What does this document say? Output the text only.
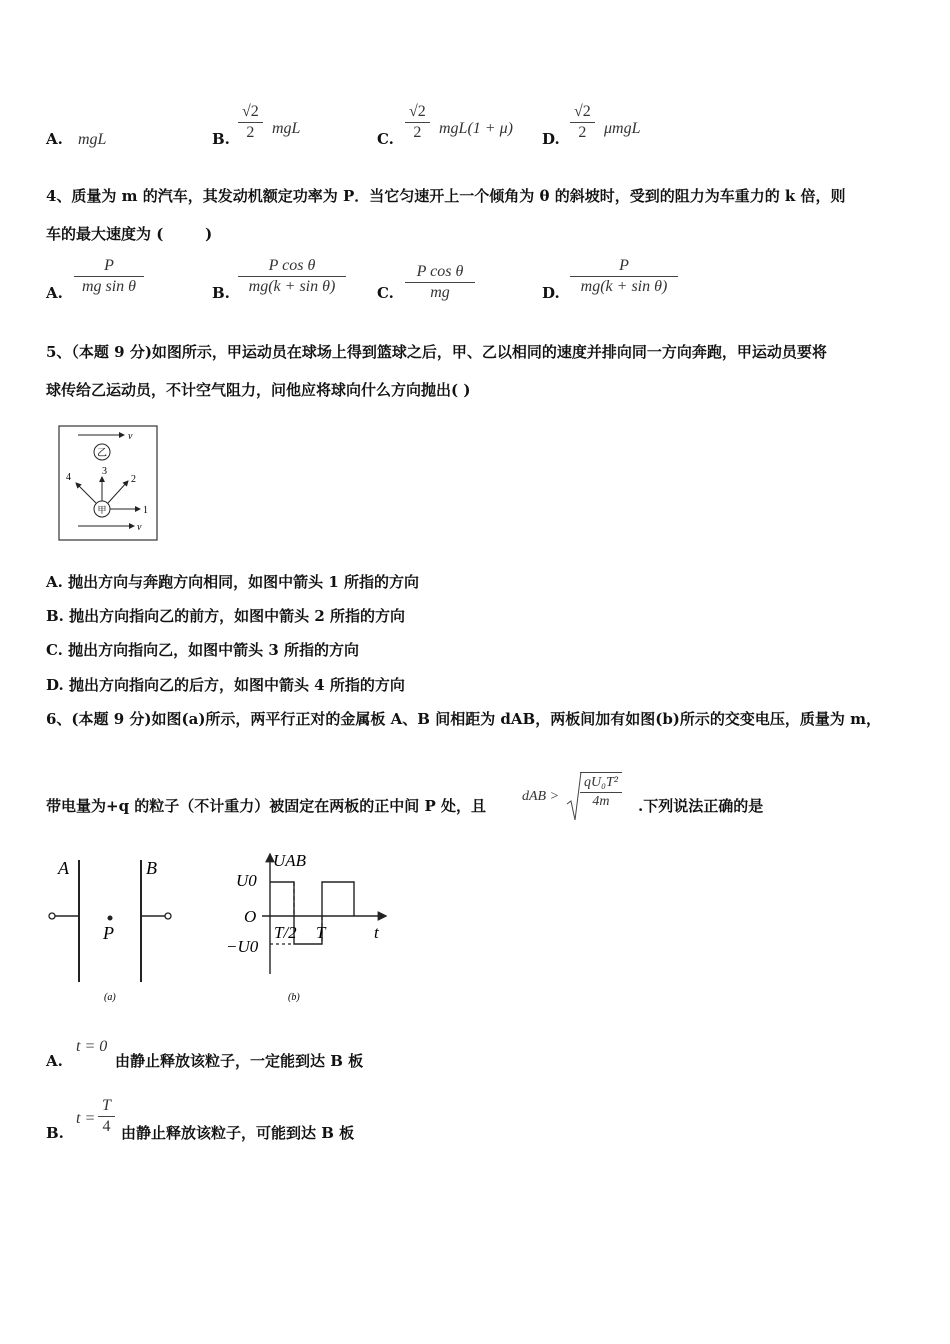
A. mgL	B. $\frac{√2}{2}$ mgL
C. $\frac{√2}{2} mgL(1 + \mu)$
D. $\frac{√2}{2}$ μmgL
4、质量为 m 的汽车，其发动机额定功率为 P．当它匀速开上一个倾角为 θ 的斜坡时，受到的阻力为车重力的 k 倍，则
车的最大速度为 (        )
A. $\frac{P}{\text{mg sin θ}}$	B. $\frac{\text{P cos θ}}{\text{mg(k + sin θ)}} C$. $\frac{\text{P cos θ}}{mg}$	D. $\frac{P}{\text{mg(k + sin θ)}}$
5、（本题 9 分)如图所示，甲运动员在球场上得到篮球之后，甲、乙以相同的速度并排向同一方向奔跑，甲运动员要将
球传给乙运动员，不计空气阻力，问他应将球向什么方向抛出( )
v
乙
甲	1
2
3
4
v
A. 抛出方向与奔跑方向相同，如图中箭头 1 所指的方向
B. 抛出方向指向乙的前方，如图中箭头 2 所指的方向
C. 抛出方向指向乙，如图中箭头 3 所指的方向
D. 抛出方向指向乙的后方，如图中箭头 4 所指的方向
6、(本题 9 分)如图(a)所示，两平行正对的金属板 A、B 间相距为 dAB，两板间加有如图(b)所示的交变电压，质量为 m，
带电量为+q 的粒子（不计重力）被固定在两板的正中间 P 处，且
dAB > $\frac{\text{qU₀T²}}{4m}$ .下列说法正确的是
A	B
P
(a)
UAB
U0
O
−U0
T/2 T	t
(b)
A.
t = 0
由静止释放该粒子，一定能到达 B 板
B.
$t = \frac{T}{4}$ 由静止释放该粒子，可能到达 B 板
